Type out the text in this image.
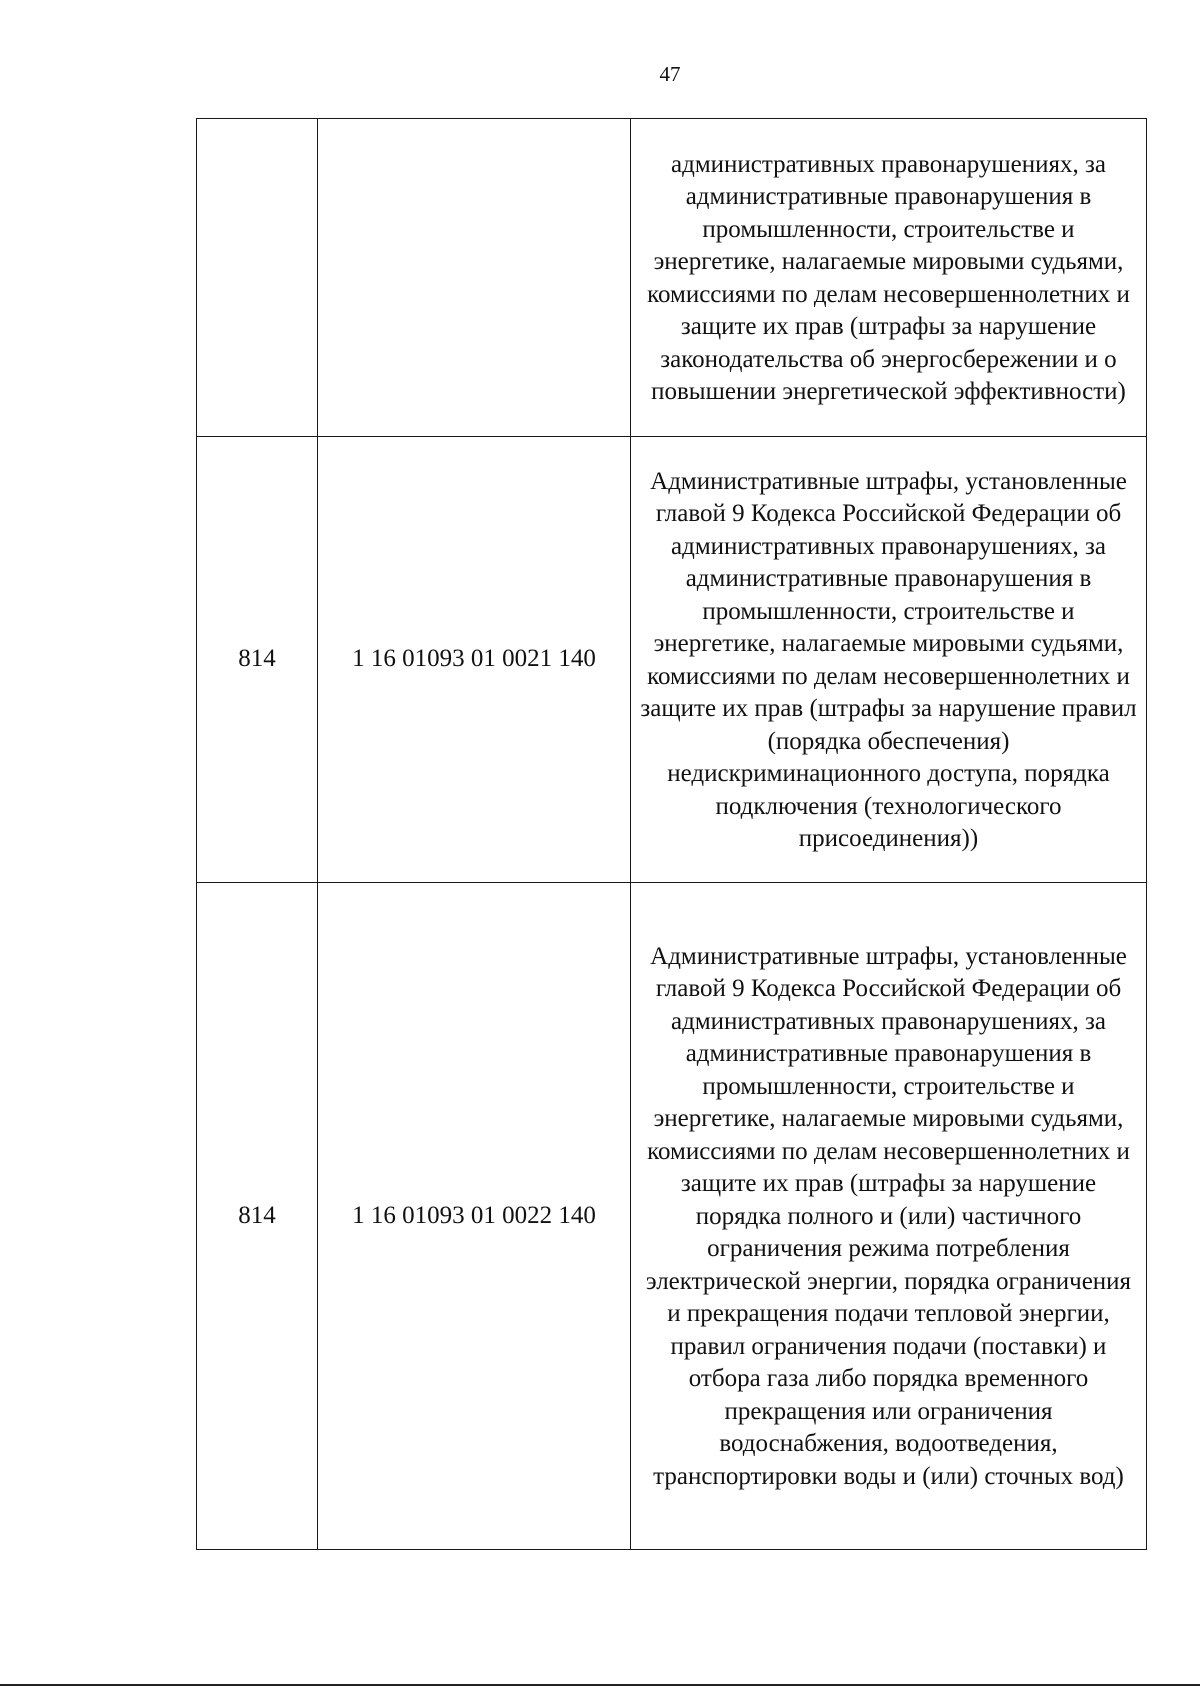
47
		административных правонарушениях, за административные правонарушения в промышленности, строительстве и энергетике, налагаемые мировыми судьями, комиссиями по делам несовершеннолетних и защите их прав (штрафы за нарушение законодательства об энергосбережении и о повышении энергетической эффективности)
814	1 16 01093 01 0021 140	Административные штрафы, установленные главой 9 Кодекса Российской Федерации об административных правонарушениях, за административные правонарушения в промышленности, строительстве и энергетике, налагаемые мировыми судьями, комиссиями по делам несовершеннолетних и защите их прав (штрафы за нарушение правил (порядка обеспечения) недискриминационного доступа, порядка подключения (технологического присоединения))
814	1 16 01093 01 0022 140	Административные штрафы, установленные главой 9 Кодекса Российской Федерации об административных правонарушениях, за административные правонарушения в промышленности, строительстве и энергетике, налагаемые мировыми судьями, комиссиями по делам несовершеннолетних и защите их прав (штрафы за нарушение порядка полного и (или) частичного ограничения режима потребления электрической энергии, порядка ограничения и прекращения подачи тепловой энергии, правил ограничения подачи (поставки) и отбора газа либо порядка временного прекращения или ограничения водоснабжения, водоотведения, транспортировки воды и (или) сточных вод)
